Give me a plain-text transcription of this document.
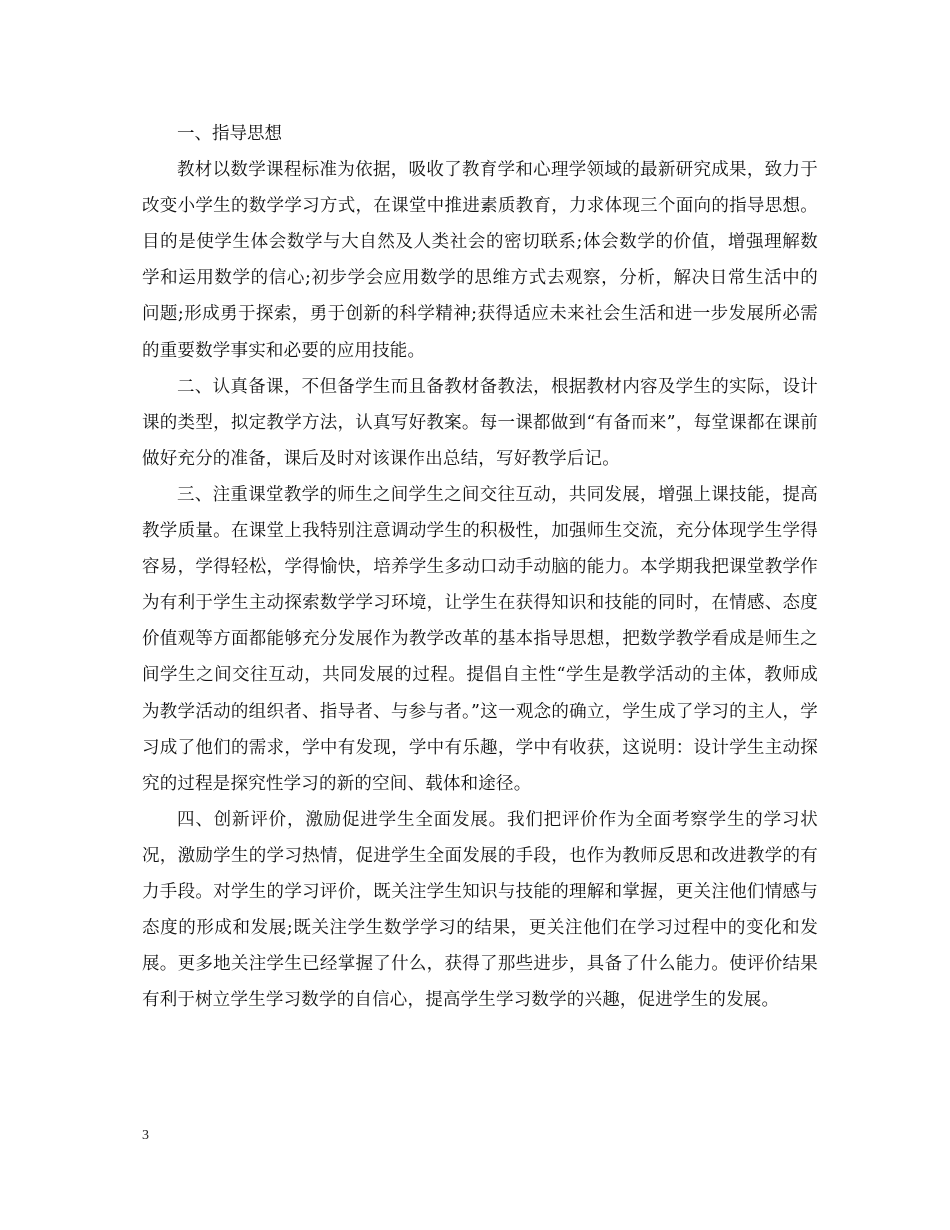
一、指导思想

教材以数学课程标准为依据，吸收了教育学和心理学领域的最新研究成果，致力于改变小学生的数学学习方式，在课堂中推进素质教育，力求体现三个面向的指导思想。目的是使学生体会数学与大自然及人类社会的密切联系;体会数学的价值，增强理解数学和运用数学的信心;初步学会应用数学的思维方式去观察，分析，解决日常生活中的问题;形成勇于探索，勇于创新的科学精神;获得适应未来社会生活和进一步发展所必需的重要数学事实和必要的应用技能。

二、认真备课，不但备学生而且备教材备教法，根据教材内容及学生的实际，设计课的类型，拟定教学方法，认真写好教案。每一课都做到“有备而来”，每堂课都在课前做好充分的准备，课后及时对该课作出总结，写好教学后记。

三、注重课堂教学的师生之间学生之间交往互动，共同发展，增强上课技能，提高教学质量。在课堂上我特别注意调动学生的积极性，加强师生交流，充分体现学生学得容易，学得轻松，学得愉快，培养学生多动口动手动脑的能力。本学期我把课堂教学作为有利于学生主动探索数学学习环境，让学生在获得知识和技能的同时，在情感、态度价值观等方面都能够充分发展作为教学改革的基本指导思想，把数学教学看成是师生之间学生之间交往互动，共同发展的过程。提倡自主性“学生是教学活动的主体，教师成为教学活动的组织者、指导者、与参与者。”这一观念的确立，学生成了学习的主人，学习成了他们的需求，学中有发现，学中有乐趣，学中有收获，这说明：设计学生主动探究的过程是探究性学习的新的空间、载体和途径。

四、创新评价，激励促进学生全面发展。我们把评价作为全面考察学生的学习状况，激励学生的学习热情，促进学生全面发展的手段，也作为教师反思和改进教学的有力手段。对学生的学习评价，既关注学生知识与技能的理解和掌握，更关注他们情感与态度的形成和发展;既关注学生数学学习的结果，更关注他们在学习过程中的变化和发展。更多地关注学生已经掌握了什么，获得了那些进步，具备了什么能力。使评价结果有利于树立学生学习数学的自信心，提高学生学习数学的兴趣，促进学生的发展。

3
